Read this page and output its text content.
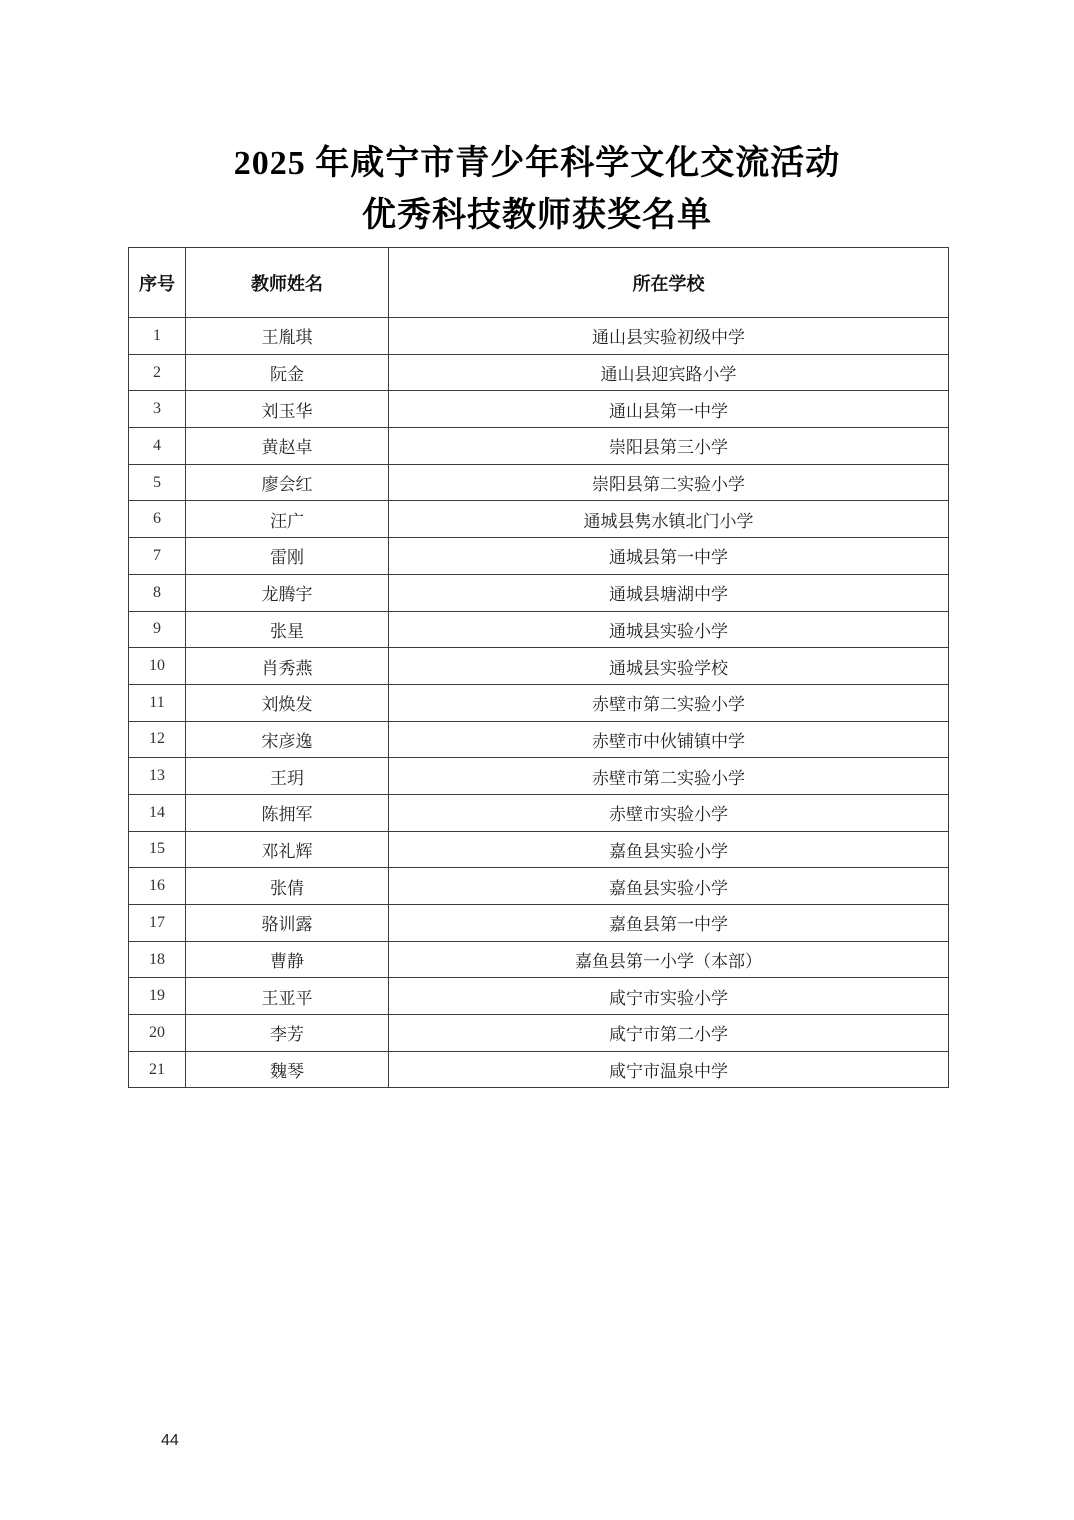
2025 年咸宁市青少年科学文化交流活动
优秀科技教师获奖名单
序号	教师姓名	所在学校
1	王胤琪	通山县实验初级中学
2	阮金	通山县迎宾路小学
3	刘玉华	通山县第一中学
4	黄赵卓	崇阳县第三小学
5	廖会红	崇阳县第二实验小学
6	汪广	通城县隽水镇北门小学
7	雷刚	通城县第一中学
8	龙腾宇	通城县塘湖中学
9	张星	通城县实验小学
10	肖秀燕	通城县实验学校
11	刘焕发	赤壁市第二实验小学
12	宋彦逸	赤壁市中伙铺镇中学
13	王玥	赤壁市第二实验小学
14	陈拥军	赤壁市实验小学
15	邓礼辉	嘉鱼县实验小学
16	张倩	嘉鱼县实验小学
17	骆训露	嘉鱼县第一中学
18	曹静	嘉鱼县第一小学（本部）
19	王亚平	咸宁市实验小学
20	李芳	咸宁市第二小学
21	魏琴	咸宁市温泉中学
44
